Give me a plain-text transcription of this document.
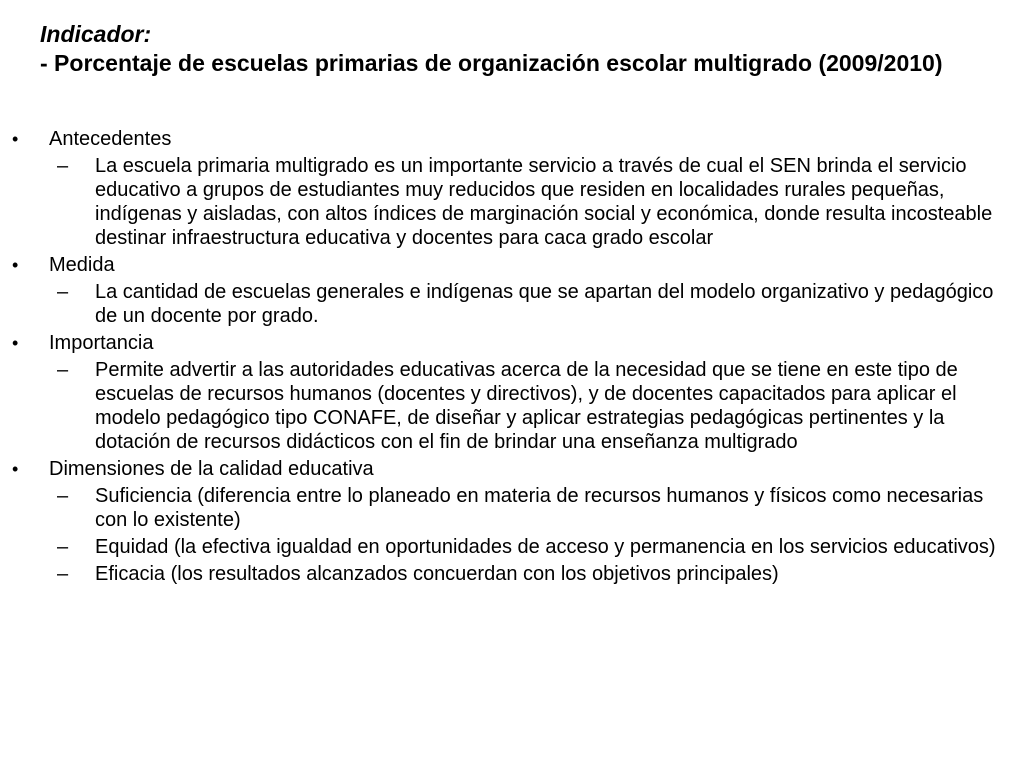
Indicador:
- Porcentaje de escuelas primarias de organización escolar multigrado (2009/2010)
•	Antecedentes
–	La escuela primaria multigrado es un importante servicio a través de cual el SEN brinda el servicio educativo a grupos de estudiantes muy reducidos que residen en localidades rurales pequeñas, indígenas y aisladas, con altos índices de marginación social y económica, donde resulta incosteable destinar infraestructura educativa y docentes para caca grado escolar
•	Medida
–	La cantidad de escuelas generales e indígenas que se apartan del modelo organizativo y pedagógico de un docente por grado.
•	Importancia
–	Permite advertir a las autoridades educativas acerca de la necesidad que se tiene en este tipo de escuelas de recursos humanos (docentes y directivos), y de docentes capacitados para aplicar el modelo pedagógico tipo CONAFE, de diseñar y aplicar estrategias pedagógicas pertinentes y la dotación de recursos didácticos con el fin de brindar una enseñanza multigrado
•	Dimensiones de la calidad educativa
–	Suficiencia (diferencia entre lo planeado en materia de recursos humanos y físicos como necesarias con lo existente)
–	Equidad (la efectiva igualdad en oportunidades de acceso y permanencia en los servicios educativos)
–	Eficacia (los resultados alcanzados concuerdan con los objetivos principales)
